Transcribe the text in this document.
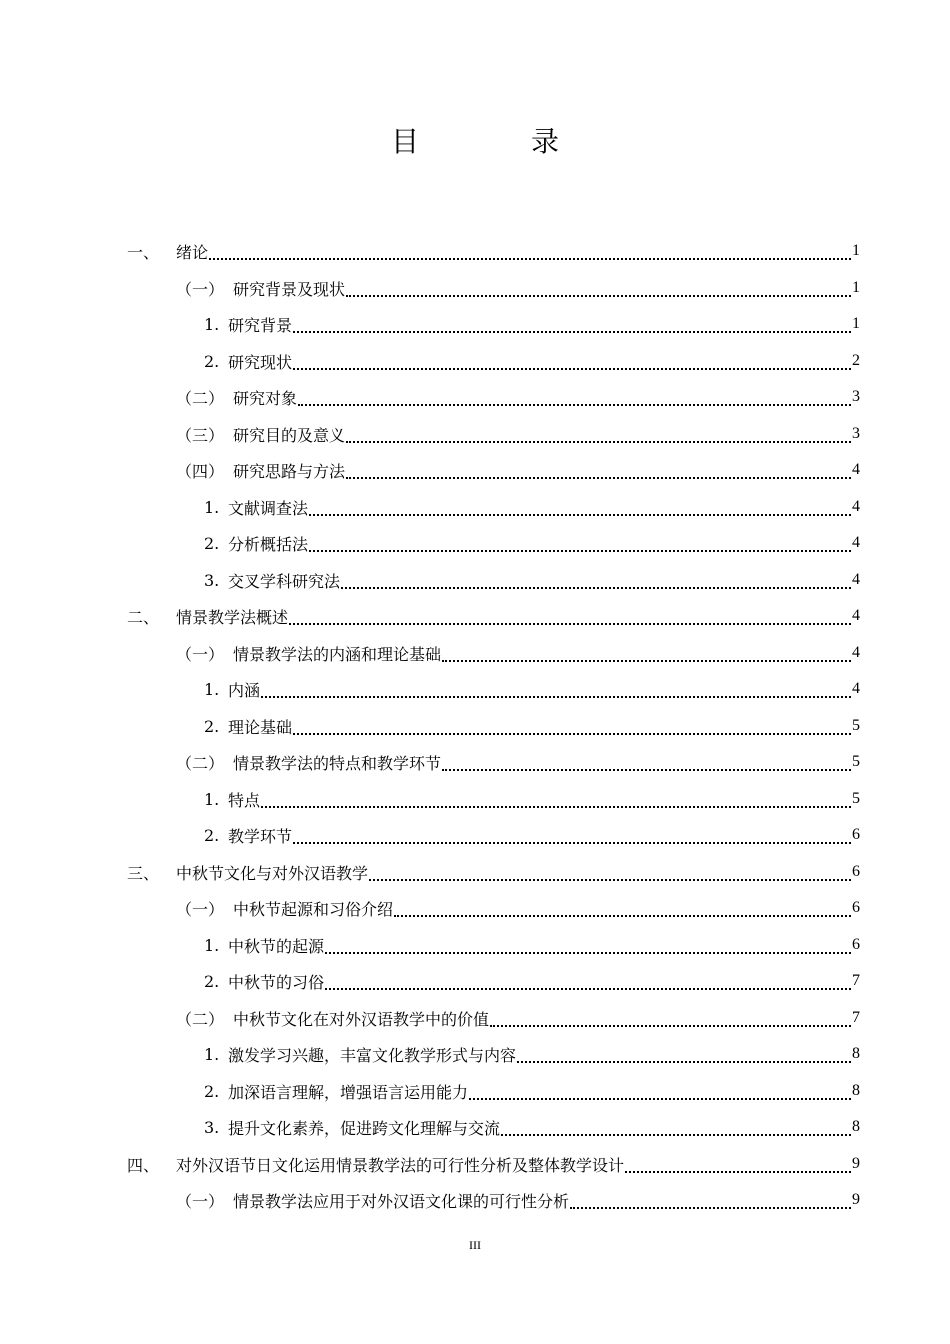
目　录
一、	绪论	1
（一） 研究背景及现状	1
1. 研究背景	1
2. 研究现状	2
（二） 研究对象	3
（三） 研究目的及意义	3
（四） 研究思路与方法	4
1. 文献调查法	4
2. 分析概括法	4
3. 交叉学科研究法	4
二、	情景教学法概述	4
（一） 情景教学法的内涵和理论基础	4
1. 内涵	4
2. 理论基础	5
（二） 情景教学法的特点和教学环节	5
1. 特点	5
2. 教学环节	6
三、	中秋节文化与对外汉语教学	6
（一） 中秋节起源和习俗介绍	6
1. 中秋节的起源	6
2. 中秋节的习俗	7
（二） 中秋节文化在对外汉语教学中的价值	7
1. 激发学习兴趣，丰富文化教学形式与内容	8
2. 加深语言理解，增强语言运用能力	8
3. 提升文化素养，促进跨文化理解与交流	8
四、	对外汉语节日文化运用情景教学法的可行性分析及整体教学设计	9
（一） 情景教学法应用于对外汉语文化课的可行性分析	9
III
